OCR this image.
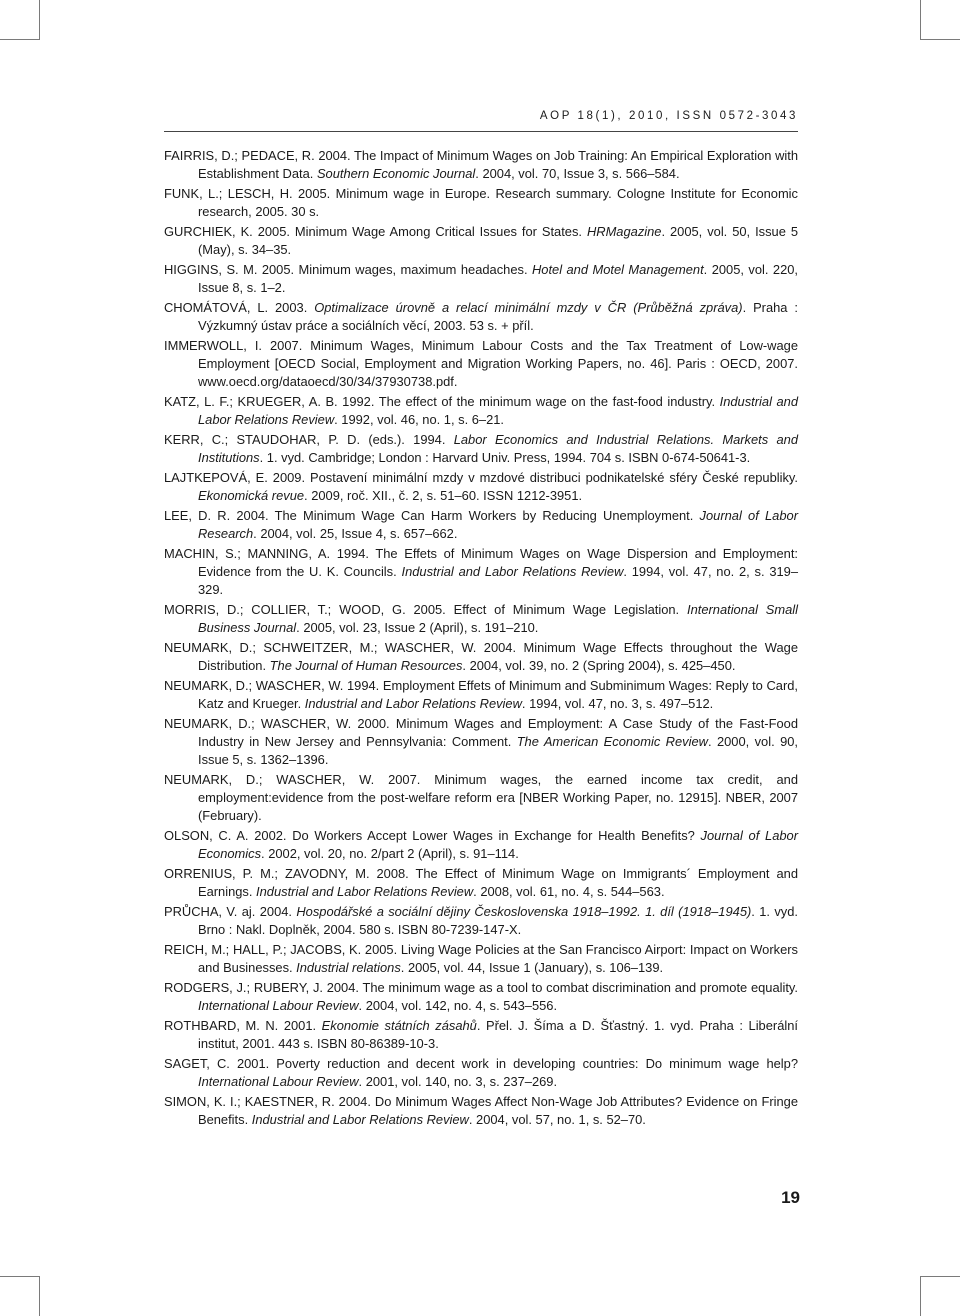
AOP 18(1), 2010, ISSN 0572-3043

FAIRRIS, D.; PEDACE, R. 2004. The Impact of Minimum Wages on Job Training: An Empirical Exploration with Establishment Data. Southern Economic Journal. 2004, vol. 70, Issue 3, s. 566–584.

FUNK, L.; LESCH, H. 2005. Minimum wage in Europe. Research summary. Cologne Institute for Economic research, 2005. 30 s.

GURCHIEK, K. 2005. Minimum Wage Among Critical Issues for States. HRMagazine. 2005, vol. 50, Issue 5 (May), s. 34–35.

HIGGINS, S. M. 2005. Minimum wages, maximum headaches. Hotel and Motel Management. 2005, vol. 220, Issue 8, s. 1–2.

CHOMÁTOVÁ, L. 2003. Optimalizace úrovně a relací minimální mzdy v ČR (Průběžná zpráva). Praha : Výzkumný ústav práce a sociálních věcí, 2003. 53 s. + příl.

IMMERWOLL, I. 2007. Minimum Wages, Minimum Labour Costs and the Tax Treatment of Low-wage Employment [OECD Social, Employment and Migration Working Papers, no. 46]. Paris : OECD, 2007. www.oecd.org/dataoecd/30/34/37930738.pdf.

KATZ, L. F.; KRUEGER, A. B. 1992. The effect of the minimum wage on the fast-food industry. Industrial and Labor Relations Review. 1992, vol. 46, no. 1, s. 6–21.

KERR, C.; STAUDOHAR, P. D. (eds.). 1994. Labor Economics and Industrial Relations. Markets and Institutions. 1. vyd. Cambridge; London : Harvard Univ. Press, 1994. 704 s. ISBN 0-674-50641-3.

LAJTKEPOVÁ, E. 2009. Postavení minimální mzdy v mzdové distribuci podnikatelské sféry České republiky. Ekonomická revue. 2009, roč. XII., č. 2, s. 51–60. ISSN 1212-3951.

LEE, D. R. 2004. The Minimum Wage Can Harm Workers by Reducing Unemployment. Journal of Labor Research. 2004, vol. 25, Issue 4, s. 657–662.

MACHIN, S.; MANNING, A. 1994. The Effets of Minimum Wages on Wage Dispersion and Employment: Evidence from the U. K. Councils. Industrial and Labor Relations Review. 1994, vol. 47, no. 2, s. 319–329.

MORRIS, D.; COLLIER, T.; WOOD, G. 2005. Effect of Minimum Wage Legislation. International Small Business Journal. 2005, vol. 23, Issue 2 (April), s. 191–210.

NEUMARK, D.; SCHWEITZER, M.; WASCHER, W. 2004. Minimum Wage Effects throughout the Wage Distribution. The Journal of Human Resources. 2004, vol. 39, no. 2 (Spring 2004), s. 425–450.

NEUMARK, D.; WASCHER, W. 1994. Employment Effets of Minimum and Subminimum Wages: Reply to Card, Katz and Krueger. Industrial and Labor Relations Review. 1994, vol. 47, no. 3, s. 497–512.

NEUMARK, D.; WASCHER, W. 2000. Minimum Wages and Employment: A Case Study of the Fast-Food Industry in New Jersey and Pennsylvania: Comment. The American Economic Review. 2000, vol. 90, Issue 5, s. 1362–1396.

NEUMARK, D.; WASCHER, W. 2007. Minimum wages, the earned income tax credit, and employment:evidence from the post-welfare reform era [NBER Working Paper, no. 12915]. NBER, 2007 (February).

OLSON, C. A. 2002. Do Workers Accept Lower Wages in Exchange for Health Benefits? Journal of Labor Economics. 2002, vol. 20, no. 2/part 2 (April), s. 91–114.

ORRENIUS, P. M.; ZAVODNY, M. 2008. The Effect of Minimum Wage on Immigrants´ Employment and Earnings. Industrial and Labor Relations Review. 2008, vol. 61, no. 4, s. 544–563.

PRŮCHA, V. aj. 2004. Hospodářské a sociální dějiny Československa 1918–1992. 1. díl (1918–1945). 1. vyd. Brno : Nakl. Doplněk, 2004. 580 s. ISBN 80-7239-147-X.

REICH, M.; HALL, P.; JACOBS, K. 2005. Living Wage Policies at the San Francisco Airport: Impact on Workers and Businesses. Industrial relations. 2005, vol. 44, Issue 1 (January), s. 106–139.

RODGERS, J.; RUBERY, J. 2004. The minimum wage as a tool to combat discrimination and promote equality. International Labour Review. 2004, vol. 142, no. 4, s. 543–556.

ROTHBARD, M. N. 2001. Ekonomie státních zásahů. Přel. J. Šíma a D. Šťastný. 1. vyd. Praha : Liberální institut, 2001. 443 s. ISBN 80-86389-10-3.

SAGET, C. 2001. Poverty reduction and decent work in developing countries: Do minimum wage help? International Labour Review. 2001, vol. 140, no. 3, s. 237–269.

SIMON, K. I.; KAESTNER, R. 2004. Do Minimum Wages Affect Non-Wage Job Attributes? Evidence on Fringe Benefits. Industrial and Labor Relations Review. 2004, vol. 57, no. 1, s. 52–70.

19
